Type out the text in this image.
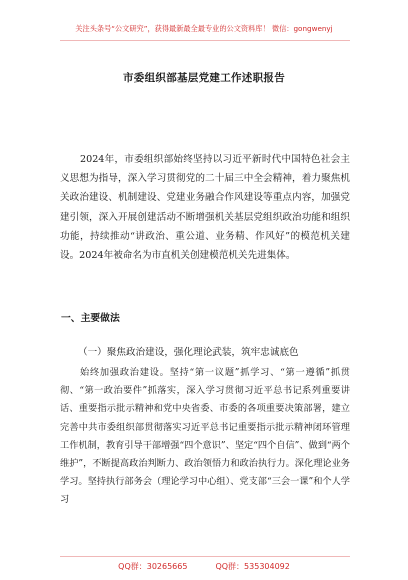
关注头条号“公文研究”，获得最新最全最专业的公文资料库！ 微信：gongwenyj
市委组织部基层党建工作述职报告
2024年，市委组织部始终坚持以习近平新时代中国特色社会主义思想为指导，深入学习贯彻党的二十届三中全会精神，着力聚焦机关政治建设、机制建设、党建业务融合作风建设等重点内容，加强党建引领，深入开展创建活动不断增强机关基层党组织政治功能和组织功能，持续推动“讲政治、重公道、业务精、作风好”的模范机关建设。2024年被命名为市直机关创建模范机关先进集体。
一、主要做法
（一）聚焦政治建设，强化理论武装，筑牢忠诚底色
始终加强政治建设。坚持“第一议题”抓学习、“第一遵循”抓贯彻、“第一政治要件”抓落实，深入学习贯彻习近平总书记系列重要讲话、重要指示批示精神和党中央省委、市委的各项重要决策部署，建立完善中共市委组织部贯彻落实习近平总书记重要指示批示精神闭环管理工作机制，教育引导干部增强“四个意识”、坚定“四个自信”、做到“两个维护”，不断提高政治判断力、政治领悟力和政治执行力。深化理论业务学习。坚持执行部务会（理论学习中心组）、党支部“三会一课”和个人学习
QQ群：30265665	QQ群：535304092
